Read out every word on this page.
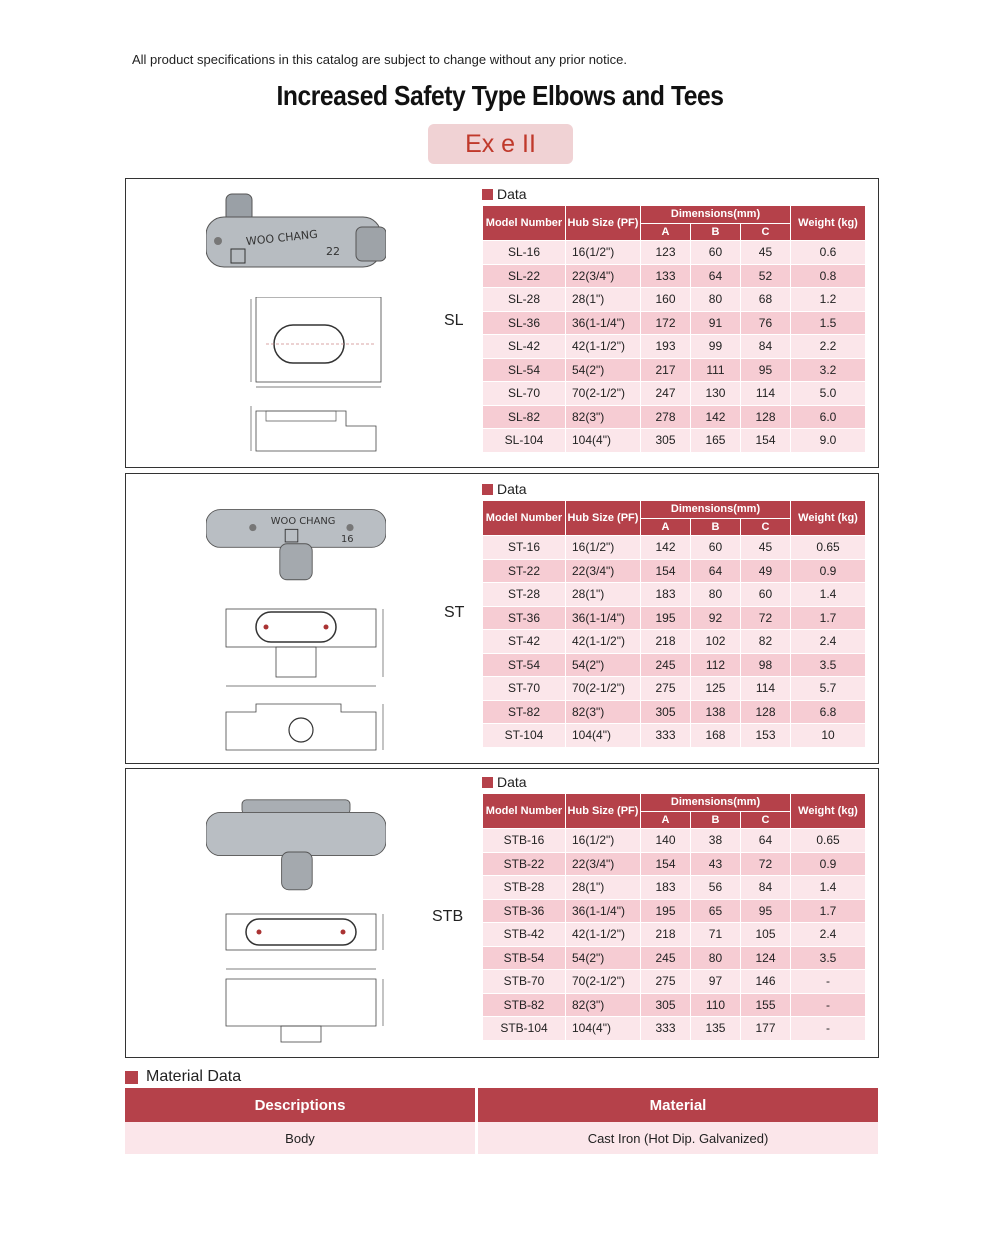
All product specifications in this catalog are subject to change without any prior notice.
Increased Safety Type Elbows and Tees
Ex e II
WOO CHANG
22
SL
Data
Model Number	Hub Size (PF)	Dimensions(mm)			Weight (kg)
		A	B	C	
SL-16	16(1/2")	123	60	45	0.6
SL-22	22(3/4")	133	64	52	0.8
SL-28	28(1")	160	80	68	1.2
SL-36	36(1-1/4")	172	91	76	1.5
SL-42	42(1-1/2")	193	99	84	2.2
SL-54	54(2")	217	111	95	3.2
SL-70	70(2-1/2")	247	130	114	5.0
SL-82	82(3")	278	142	128	6.0
SL-104	104(4")	305	165	154	9.0
WOO CHANG
16
ST
Data
Model Number	Hub Size (PF)	Dimensions(mm)			Weight (kg)
		A	B	C	
ST-16	16(1/2")	142	60	45	0.65
ST-22	22(3/4")	154	64	49	0.9
ST-28	28(1")	183	80	60	1.4
ST-36	36(1-1/4")	195	92	72	1.7
ST-42	42(1-1/2")	218	102	82	2.4
ST-54	54(2")	245	112	98	3.5
ST-70	70(2-1/2")	275	125	114	5.7
ST-82	82(3")	305	138	128	6.8
ST-104	104(4")	333	168	153	10
STB
Data
Model Number	Hub Size (PF)	Dimensions(mm)			Weight (kg)
		A	B	C	
STB-16	16(1/2")	140	38	64	0.65
STB-22	22(3/4")	154	43	72	0.9
STB-28	28(1")	183	56	84	1.4
STB-36	36(1-1/4")	195	65	95	1.7
STB-42	42(1-1/2")	218	71	105	2.4
STB-54	54(2")	245	80	124	3.5
STB-70	70(2-1/2")	275	97	146	-
STB-82	82(3")	305	110	155	-
STB-104	104(4")	333	135	177	-
Material Data
Descriptions	Material
Body	Cast Iron (Hot Dip. Galvanized)
